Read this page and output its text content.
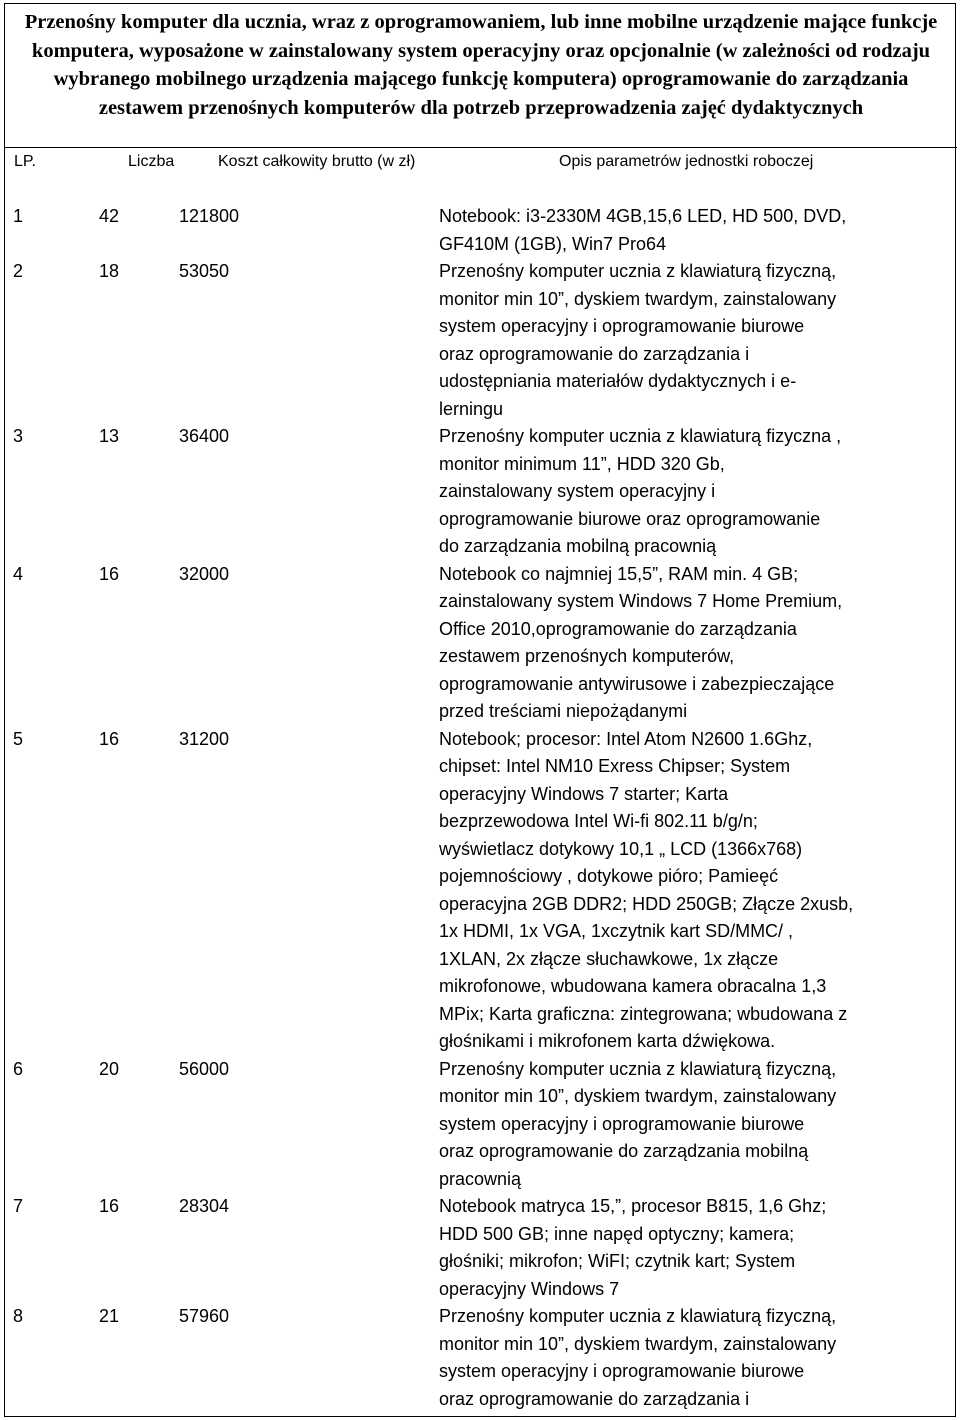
Przenośny komputer dla ucznia, wraz z oprogramowaniem, lub inne mobilne urządzenie mające funkcje komputera, wyposażone w zainstalowany system operacyjny oraz opcjonalnie (w zależności od rodzaju wybranego mobilnego urządzenia mającego funkcję komputera) oprogramowanie do zarządzania zestawem przenośnych komputerów dla potrzeb przeprowadzenia zajęć dydaktycznych
LP.	Liczba	Koszt całkowity brutto (w zł)	Opis parametrów jednostki roboczej
1	42	121800	Notebook: i3-2330M 4GB,15,6 LED, HD 500, DVD,
GF410M (1GB), Win7 Pro64
2	18	53050	Przenośny komputer ucznia z klawiaturą fizyczną,
monitor min 10”, dyskiem twardym, zainstalowany
system operacyjny i oprogramowanie biurowe
oraz oprogramowanie do zarządzania i
udostępniania materiałów dydaktycznych i e-
lerningu
3	13	36400	Przenośny komputer ucznia z klawiaturą fizyczna ,
monitor minimum 11”, HDD 320 Gb,
zainstalowany system operacyjny i
oprogramowanie biurowe oraz oprogramowanie
do zarządzania mobilną pracownią
4	16	32000	Notebook co najmniej 15,5”, RAM min. 4 GB;
zainstalowany system Windows 7 Home Premium,
Office 2010,oprogramowanie do zarządzania
zestawem przenośnych komputerów,
oprogramowanie antywirusowe i zabezpieczające
przed treściami niepożądanymi
5	16	31200	Notebook; procesor: Intel Atom N2600 1.6Ghz,
chipset: Intel NM10 Exress Chipser; System
operacyjny Windows 7 starter; Karta
bezprzewodowa Intel Wi-fi 802.11 b/g/n;
wyświetlacz dotykowy 10,1 „ LCD (1366x768)
pojemnościowy , dotykowe pióro; Pamieęć
operacyjna 2GB DDR2; HDD 250GB; Złącze 2xusb,
1x HDMI, 1x VGA, 1xczytnik kart SD/MMC/ ,
1XLAN, 2x złącze słuchawkowe, 1x złącze
mikrofonowe, wbudowana kamera obracalna 1,3
MPix; Karta graficzna: zintegrowana; wbudowana z
głośnikami i mikrofonem karta dźwiękowa.
6	20	56000	Przenośny komputer ucznia z klawiaturą fizyczną,
monitor min 10”, dyskiem twardym, zainstalowany
system operacyjny i oprogramowanie biurowe
oraz oprogramowanie do zarządzania mobilną
pracownią
7	16	28304	Notebook matryca 15,”, procesor B815, 1,6 Ghz;
HDD 500 GB; inne napęd optyczny; kamera;
głośniki; mikrofon; WiFI; czytnik kart; System
operacyjny Windows 7
8	21	57960	Przenośny komputer ucznia z klawiaturą fizyczną,
monitor min 10”, dyskiem twardym, zainstalowany
system operacyjny i oprogramowanie biurowe
oraz oprogramowanie do zarządzania i
